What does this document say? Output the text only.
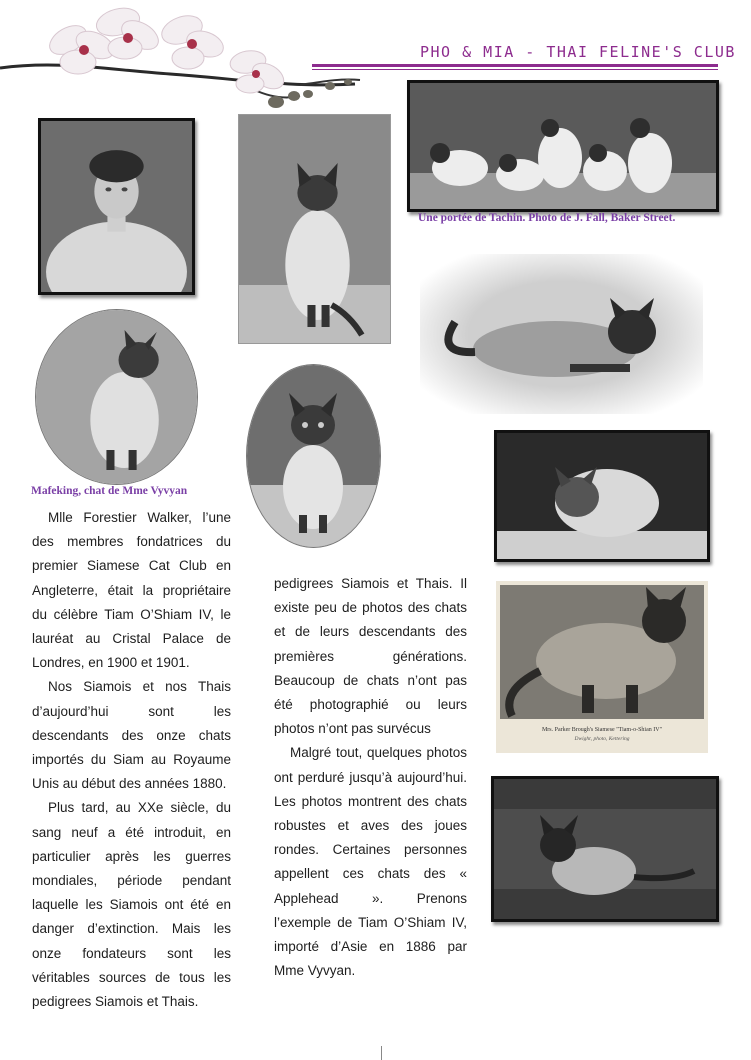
PHO & MIA - THAI FELINE'S CLUB
Une portée de Tachin. Photo de J. Fall, Baker Street.
Mafeking, chat de Mme Vyvyan
Mrs. Parker Brough's Siamese "Tiam-o-Shian IV"
Dwight, photo, Kettering

Mlle Forestier Walker, l’une des membres fondatrices du premier Siamese Cat Club en Angleterre, était la propriétaire du célèbre Tiam O’Shiam IV, le lauréat au Cristal Palace de Londres, en 1900 et 1901.

Nos Siamois et nos Thais d’aujourd’hui sont les descendants des onze chats importés du Siam au Royaume Unis au début des années 1880.

Plus tard, au XXe siècle, du sang neuf a été introduit, en particulier après les guerres mondiales, période pendant laquelle les Siamois ont été en danger d’extinction. Mais les onze fondateurs sont les véritables sources de tous les pedigrees Siamois et Thais.

pedigrees Siamois et Thais. Il existe peu de photos des chats et de leurs descendants des premières générations. Beaucoup de chats n’ont pas été photographié ou leurs photos n’ont pas survécus

Malgré tout, quelques photos ont perduré jusqu’à aujourd’hui. Les photos montrent des chats robustes et aves des joues rondes. Certaines personnes appellent ces chats des « Applehead ». Prenons l’exemple de Tiam O’Shiam IV, importé d’Asie en 1886 par Mme Vyvyan.
